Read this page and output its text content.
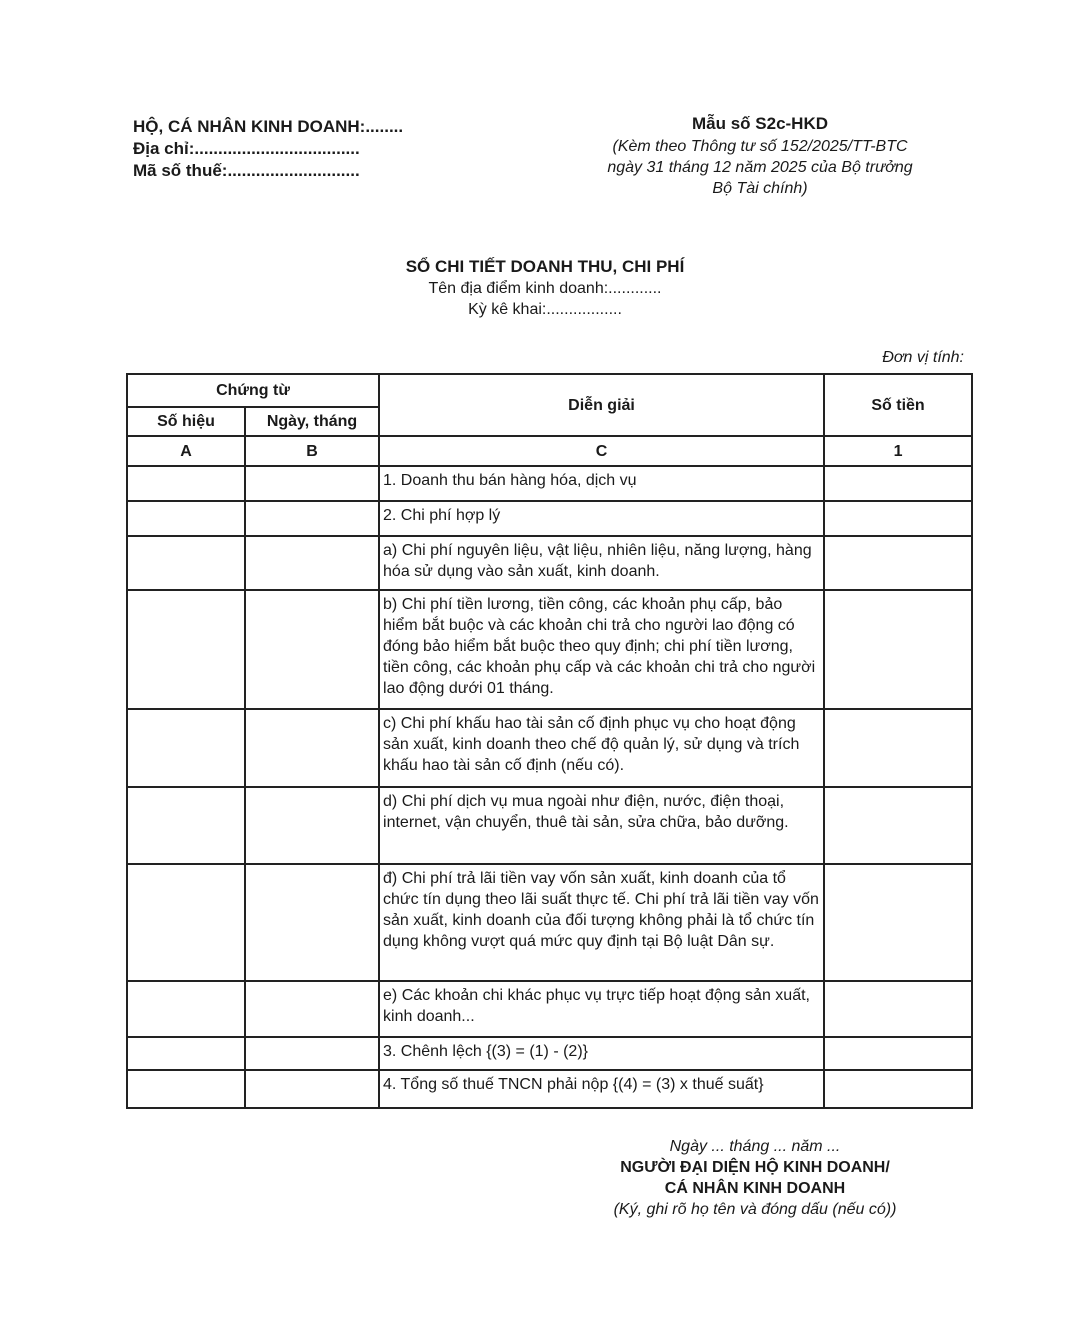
HỘ, CÁ NHÂN KINH DOANH:........
Địa chỉ:...................................
Mã số thuế:............................
Mẫu số S2c-HKD
(Kèm theo Thông tư số 152/2025/TT-BTC
ngày 31 tháng 12 năm 2025 của Bộ trưởng
Bộ Tài chính)
SỔ CHI TIẾT DOANH THU, CHI PHÍ
Tên địa điểm kinh doanh:............
Kỳ kê khai:.................
Đơn vị tính:
Chứng từ		Diễn giải	Số tiền
Số hiệu	Ngày, tháng		
A	B	C	1
		1. Doanh thu bán hàng hóa, dịch vụ	
		2. Chi phí hợp lý	
		a) Chi phí nguyên liệu, vật liệu, nhiên liệu, năng lượng, hàng hóa sử dụng vào sản xuất, kinh doanh.	
		b) Chi phí tiền lương, tiền công, các khoản phụ cấp, bảo hiểm bắt buộc và các khoản chi trả cho người lao động có đóng bảo hiểm bắt buộc theo quy định; chi phí tiền lương, tiền công, các khoản phụ cấp và các khoản chi trả cho người lao động dưới 01 tháng.	
		c) Chi phí khấu hao tài sản cố định phục vụ cho hoạt động sản xuất, kinh doanh theo chế độ quản lý, sử dụng và trích khấu hao tài sản cố định (nếu có).	
		d) Chi phí dịch vụ mua ngoài như điện, nước, điện thoại, internet, vận chuyển, thuê tài sản, sửa chữa, bảo dưỡng.	
		đ) Chi phí trả lãi tiền vay vốn sản xuất, kinh doanh của tổ chức tín dụng theo lãi suất thực tế. Chi phí trả lãi tiền vay vốn sản xuất, kinh doanh của đối tượng không phải là tổ chức tín dụng không vượt quá mức quy định tại Bộ luật Dân sự.	
		e) Các khoản chi khác phục vụ trực tiếp hoạt động sản xuất, kinh doanh...	
		3. Chênh lệch {(3) = (1) - (2)}	
		4. Tổng số thuế TNCN phải nộp {(4) = (3) x thuế suất}	
Ngày ... tháng ... năm ...
NGƯỜI ĐẠI DIỆN HỘ KINH DOANH/
CÁ NHÂN KINH DOANH
(Ký, ghi rõ họ tên và đóng dấu (nếu có))
